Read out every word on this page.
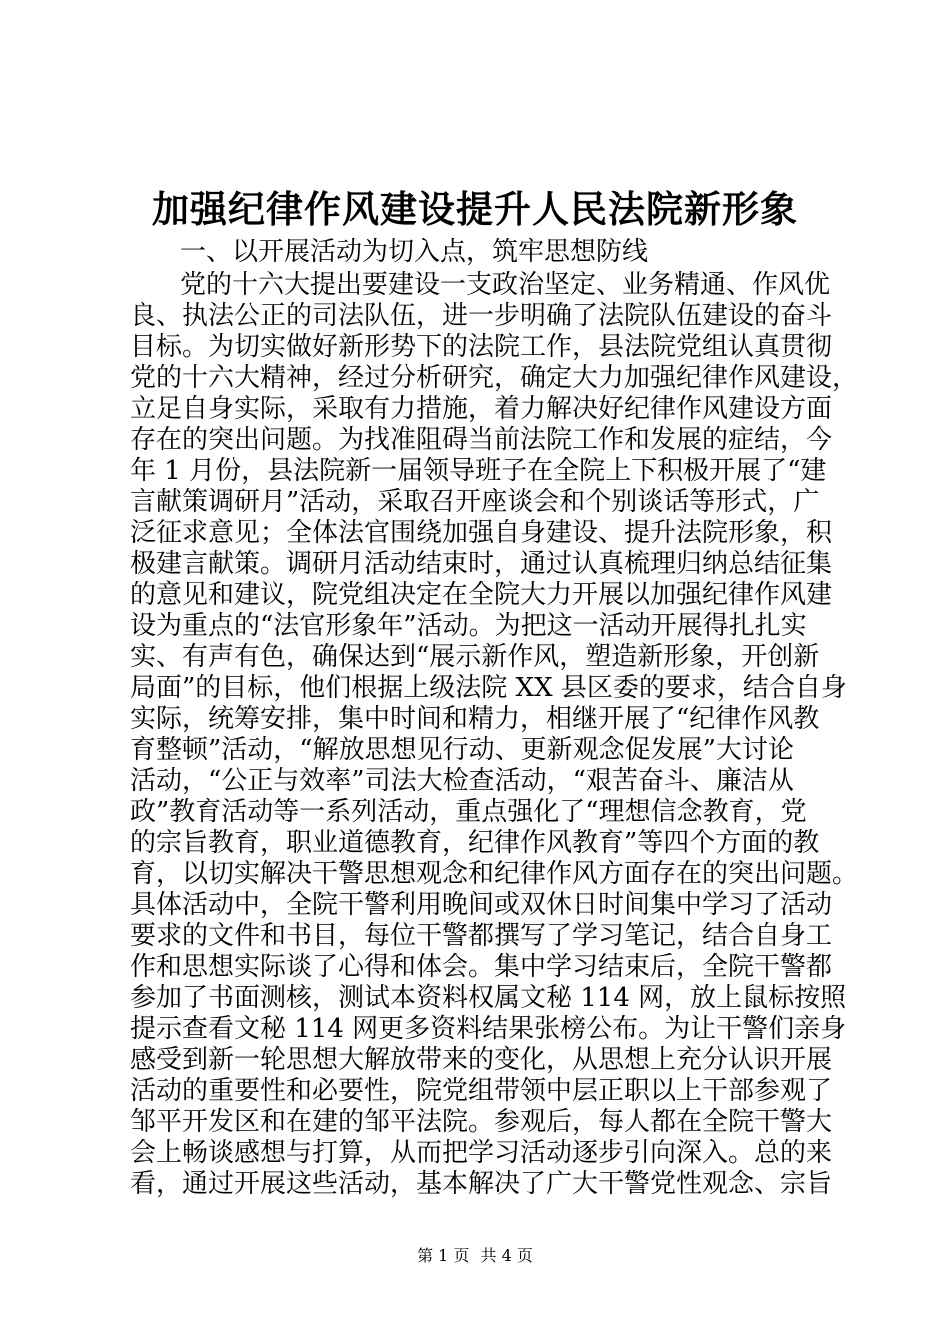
加强纪律作风建设提升人民法院新形象
一、以开展活动为切入点，筑牢思想防线
党的十六大提出要建设一支政治坚定、业务精通、作风优
良、执法公正的司法队伍，进一步明确了法院队伍建设的奋斗
目标。为切实做好新形势下的法院工作，县法院党组认真贯彻
党的十六大精神，经过分析研究，确定大力加强纪律作风建设，
立足自身实际，采取有力措施，着力解决好纪律作风建设方面
存在的突出问题。为找准阻碍当前法院工作和发展的症结，今
年 1 月份，县法院新一届领导班子在全院上下积极开展了“建
言献策调研月”活动，采取召开座谈会和个别谈话等形式，广
泛征求意见；全体法官围绕加强自身建设、提升法院形象，积
极建言献策。调研月活动结束时，通过认真梳理归纳总结征集
的意见和建议，院党组决定在全院大力开展以加强纪律作风建
设为重点的“法官形象年”活动。为把这一活动开展得扎扎实
实、有声有色，确保达到“展示新作风，塑造新形象，开创新
局面”的目标，他们根据上级法院 XX 县区委的要求，结合自身
实际，统筹安排，集中时间和精力，相继开展了“纪律作风教
育整顿”活动，“解放思想见行动、更新观念促发展”大讨论
活动，“公正与效率”司法大检查活动，“艰苦奋斗、廉洁从
政”教育活动等一系列活动，重点强化了“理想信念教育，党
的宗旨教育，职业道德教育，纪律作风教育”等四个方面的教
育，以切实解决干警思想观念和纪律作风方面存在的突出问题。
具体活动中，全院干警利用晚间或双休日时间集中学习了活动
要求的文件和书目，每位干警都撰写了学习笔记，结合自身工
作和思想实际谈了心得和体会。集中学习结束后，全院干警都
参加了书面测核，测试本资料权属文秘 114 网，放上鼠标按照
提示查看文秘 114 网更多资料结果张榜公布。为让干警们亲身
感受到新一轮思想大解放带来的变化，从思想上充分认识开展
活动的重要性和必要性，院党组带领中层正职以上干部参观了
邹平开发区和在建的邹平法院。参观后，每人都在全院干警大
会上畅谈感想与打算，从而把学习活动逐步引向深入。总的来
看，通过开展这些活动，基本解决了广大干警党性观念、宗旨
第 1 页 共 4 页
